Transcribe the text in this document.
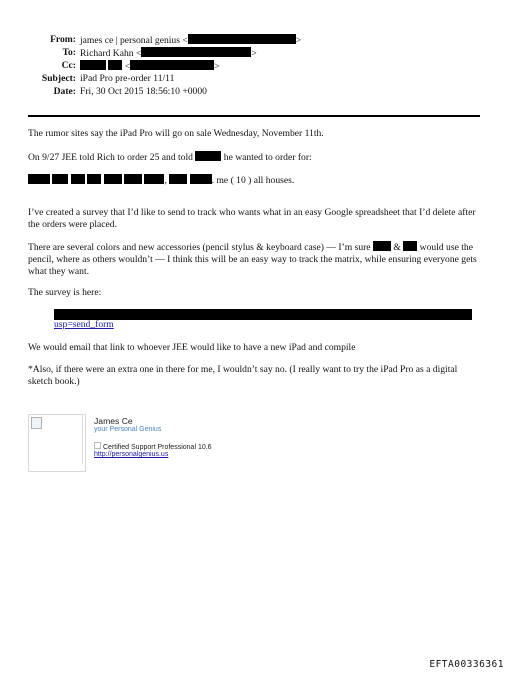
From: james ce | personal genius <	>
To: Richard Kahn <	>
Cc:	<	>
Subject: iPad Pro pre-order 11/11
Date: Fri, 30 Oct 2015 18:56:10 +0000
The rumor sites say the iPad Pro will go on sale Wednesday, November 11th.
On 9/27 JEE told Rich to order 25 and told	he wanted to order for:
,	. me ( 10 ) all houses.
I’ve created a survey that I’d like to send to track who wants what in an easy Google spreadsheet that I’d delete after the orders were placed.
There are several colors and new accessories (pencil stylus & keyboard case) — I’m sure & would use the pencil, where as others wouldn’t — I think this will be an easy way to track the matrix, while ensuring everyone gets what they want.
The survey is here:
usp=send_form
We would email that link to whoever JEE would like to have a new iPad and compile
*Also, if there were an extra one in there for me, I wouldn’t say no. (I really want to try the iPad Pro as a digital sketch book.)
James Ce
your Personal Genius
Certified Support Professional 10.6
http://personalgenius.us
EFTA00336361
